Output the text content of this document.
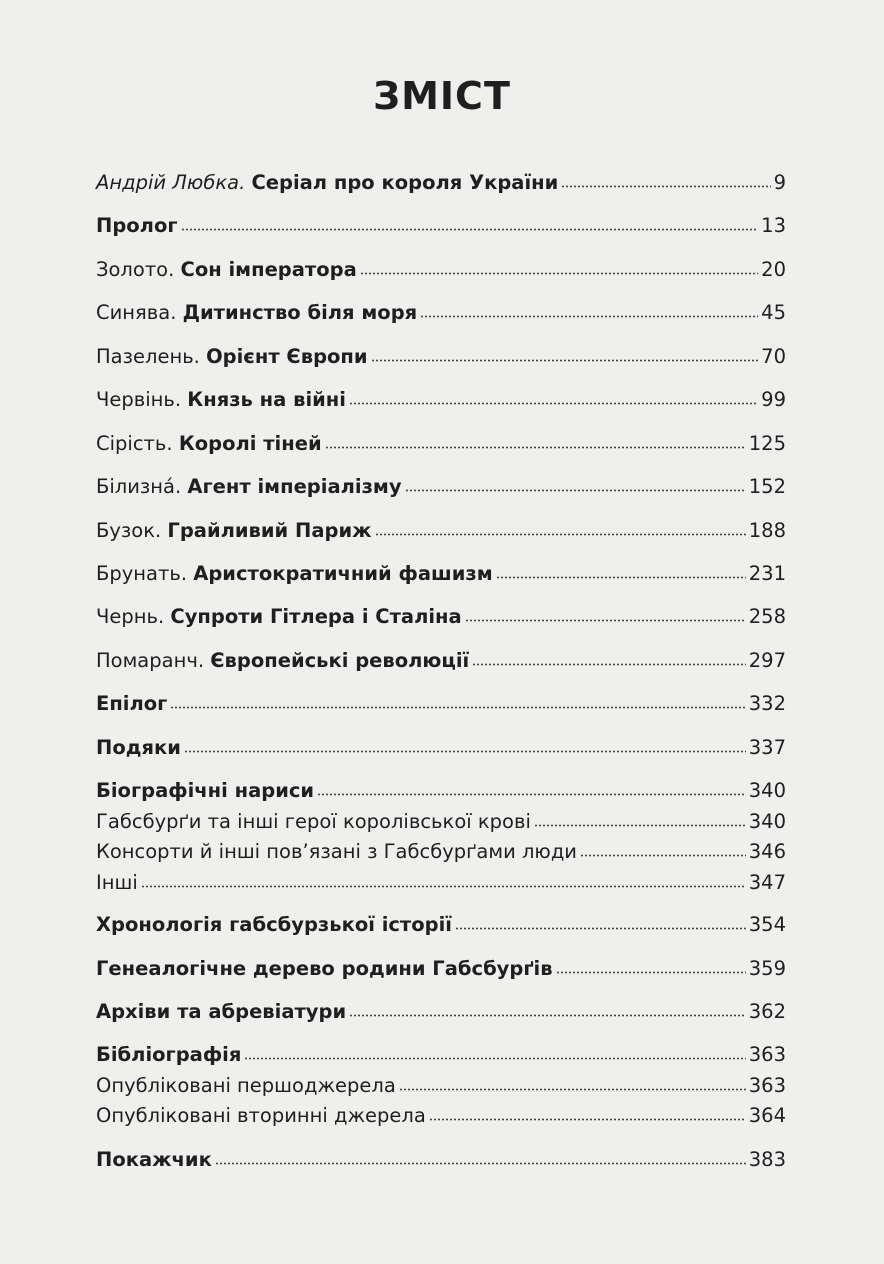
ЗМІСТ
Андрій Любка. Серіал про короля України	9
Пролог	13
Золото. Сон імператора	20
Синява. Дитинство біля моря	45
Пазелень. Орієнт Європи	70
Червінь. Князь на війні	99
Сірість. Королі тіней	125
Білизна́. Агент імперіалізму	152
Бузок. Грайливий Париж	188
Брунать. Аристократичний фашизм	231
Чернь. Супроти Гітлера і Сталіна	258
Помаранч. Європейські революції	297
Епілог	332
Подяки	337
Біографічні нариси	340
Габсбурґи та інші герої королівської крові	340
Консорти й інші пов’язані з Габсбурґами люди	346
Інші	347
Хронологія габсбурзької історії	354
Генеалогічне дерево родини Габсбурґів	359
Архіви та абревіатури	362
Бібліографія	363
Опубліковані першоджерела	363
Опубліковані вторинні джерела	364
Покажчик	383
